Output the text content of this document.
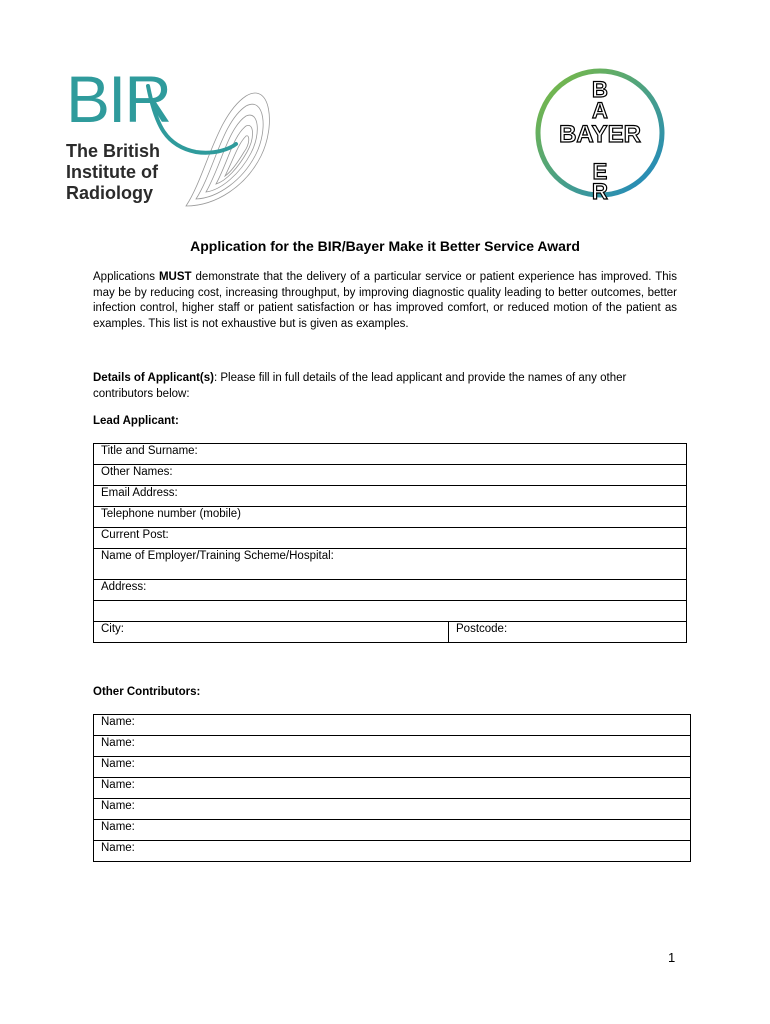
BIR
The British
Institute of
Radiology
B
A
E
R
BAYER
Application for the BIR/Bayer Make it Better Service Award
Applications MUST demonstrate that the delivery of a particular service or patient experience has improved. This may be by reducing cost, increasing throughput, by improving diagnostic quality leading to better outcomes, better infection control, higher staff or patient satisfaction or has improved comfort, or reduced motion of the patient as examples. This list is not exhaustive but is given as examples.
Details of Applicant(s): Please fill in full details of the lead applicant and provide the names of any other contributors below:
Lead Applicant:
Title and Surname:
Other Names:
Email Address:
Telephone number (mobile)
Current Post:
Name of Employer/Training Scheme/Hospital:
Address:

City:	Postcode:
Other Contributors:
Name:
Name:
Name:
Name:
Name:
Name:
Name:
1
